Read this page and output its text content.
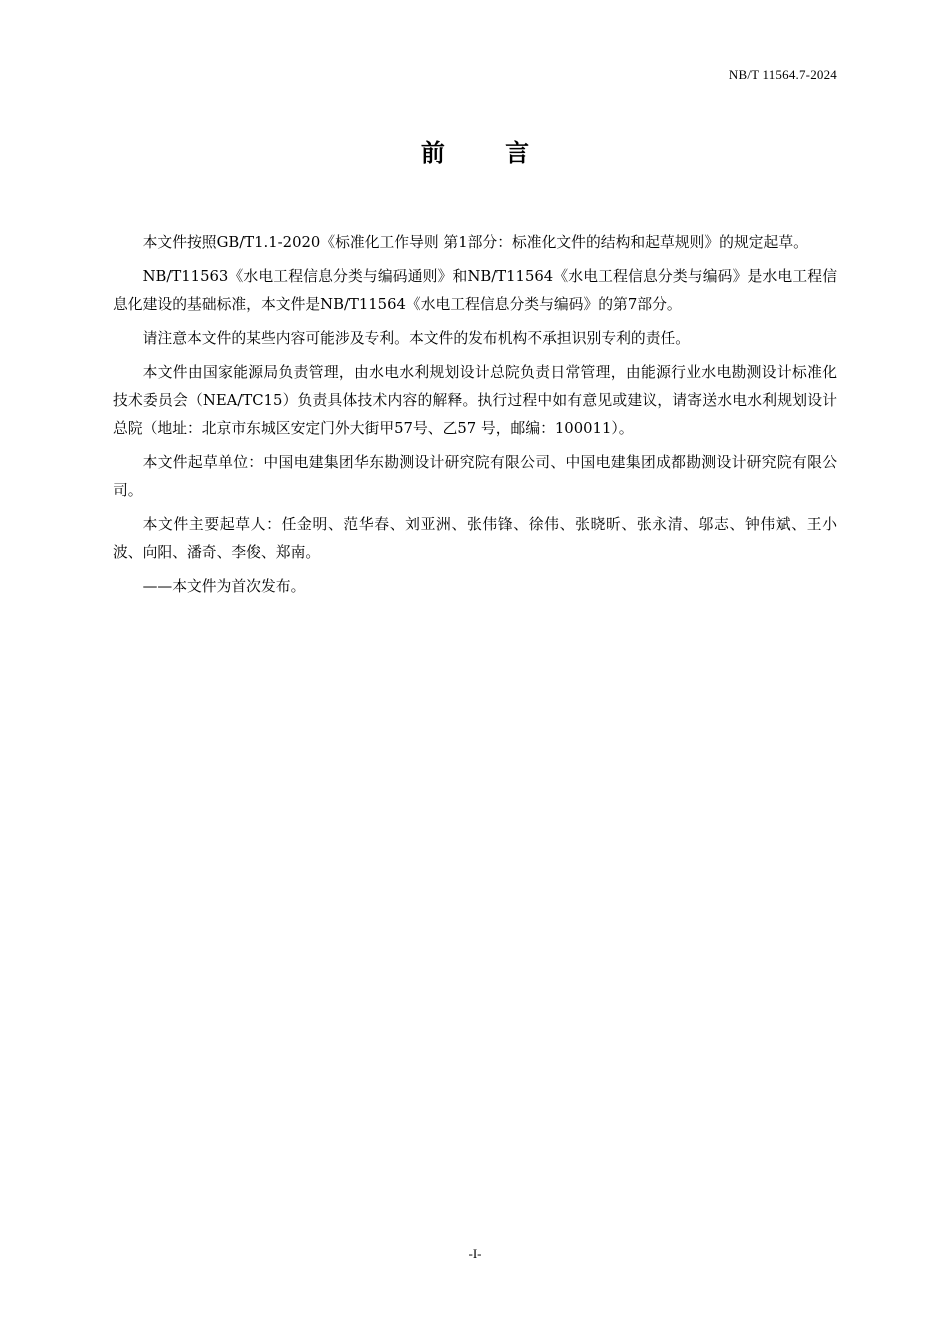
NB/T 11564.7-2024
前 言

本文件按照GB/T1.1-2020《标准化工作导则 第1部分：标准化文件的结构和起草规则》的规定起草。

NB/T11563《水电工程信息分类与编码通则》和NB/T11564《水电工程信息分类与编码》是水电工程信息化建设的基础标准，本文件是NB/T11564《水电工程信息分类与编码》的第7部分。

请注意本文件的某些内容可能涉及专利。本文件的发布机构不承担识别专利的责任。

本文件由国家能源局负责管理，由水电水利规划设计总院负责日常管理，由能源行业水电勘测设计标准化技术委员会（NEA/TC15）负责具体技术内容的解释。执行过程中如有意见或建议，请寄送水电水利规划设计总院（地址：北京市东城区安定门外大街甲57号、乙57 号，邮编：100011）。

本文件起草单位：中国电建集团华东勘测设计研究院有限公司、中国电建集团成都勘测设计研究院有限公司。

本文件主要起草人：任金明、范华春、刘亚洲、张伟锋、徐伟、张晓昕、张永清、邬志、钟伟斌、王小波、向阳、潘奇、李俊、郑南。

——本文件为首次发布。

-I-
